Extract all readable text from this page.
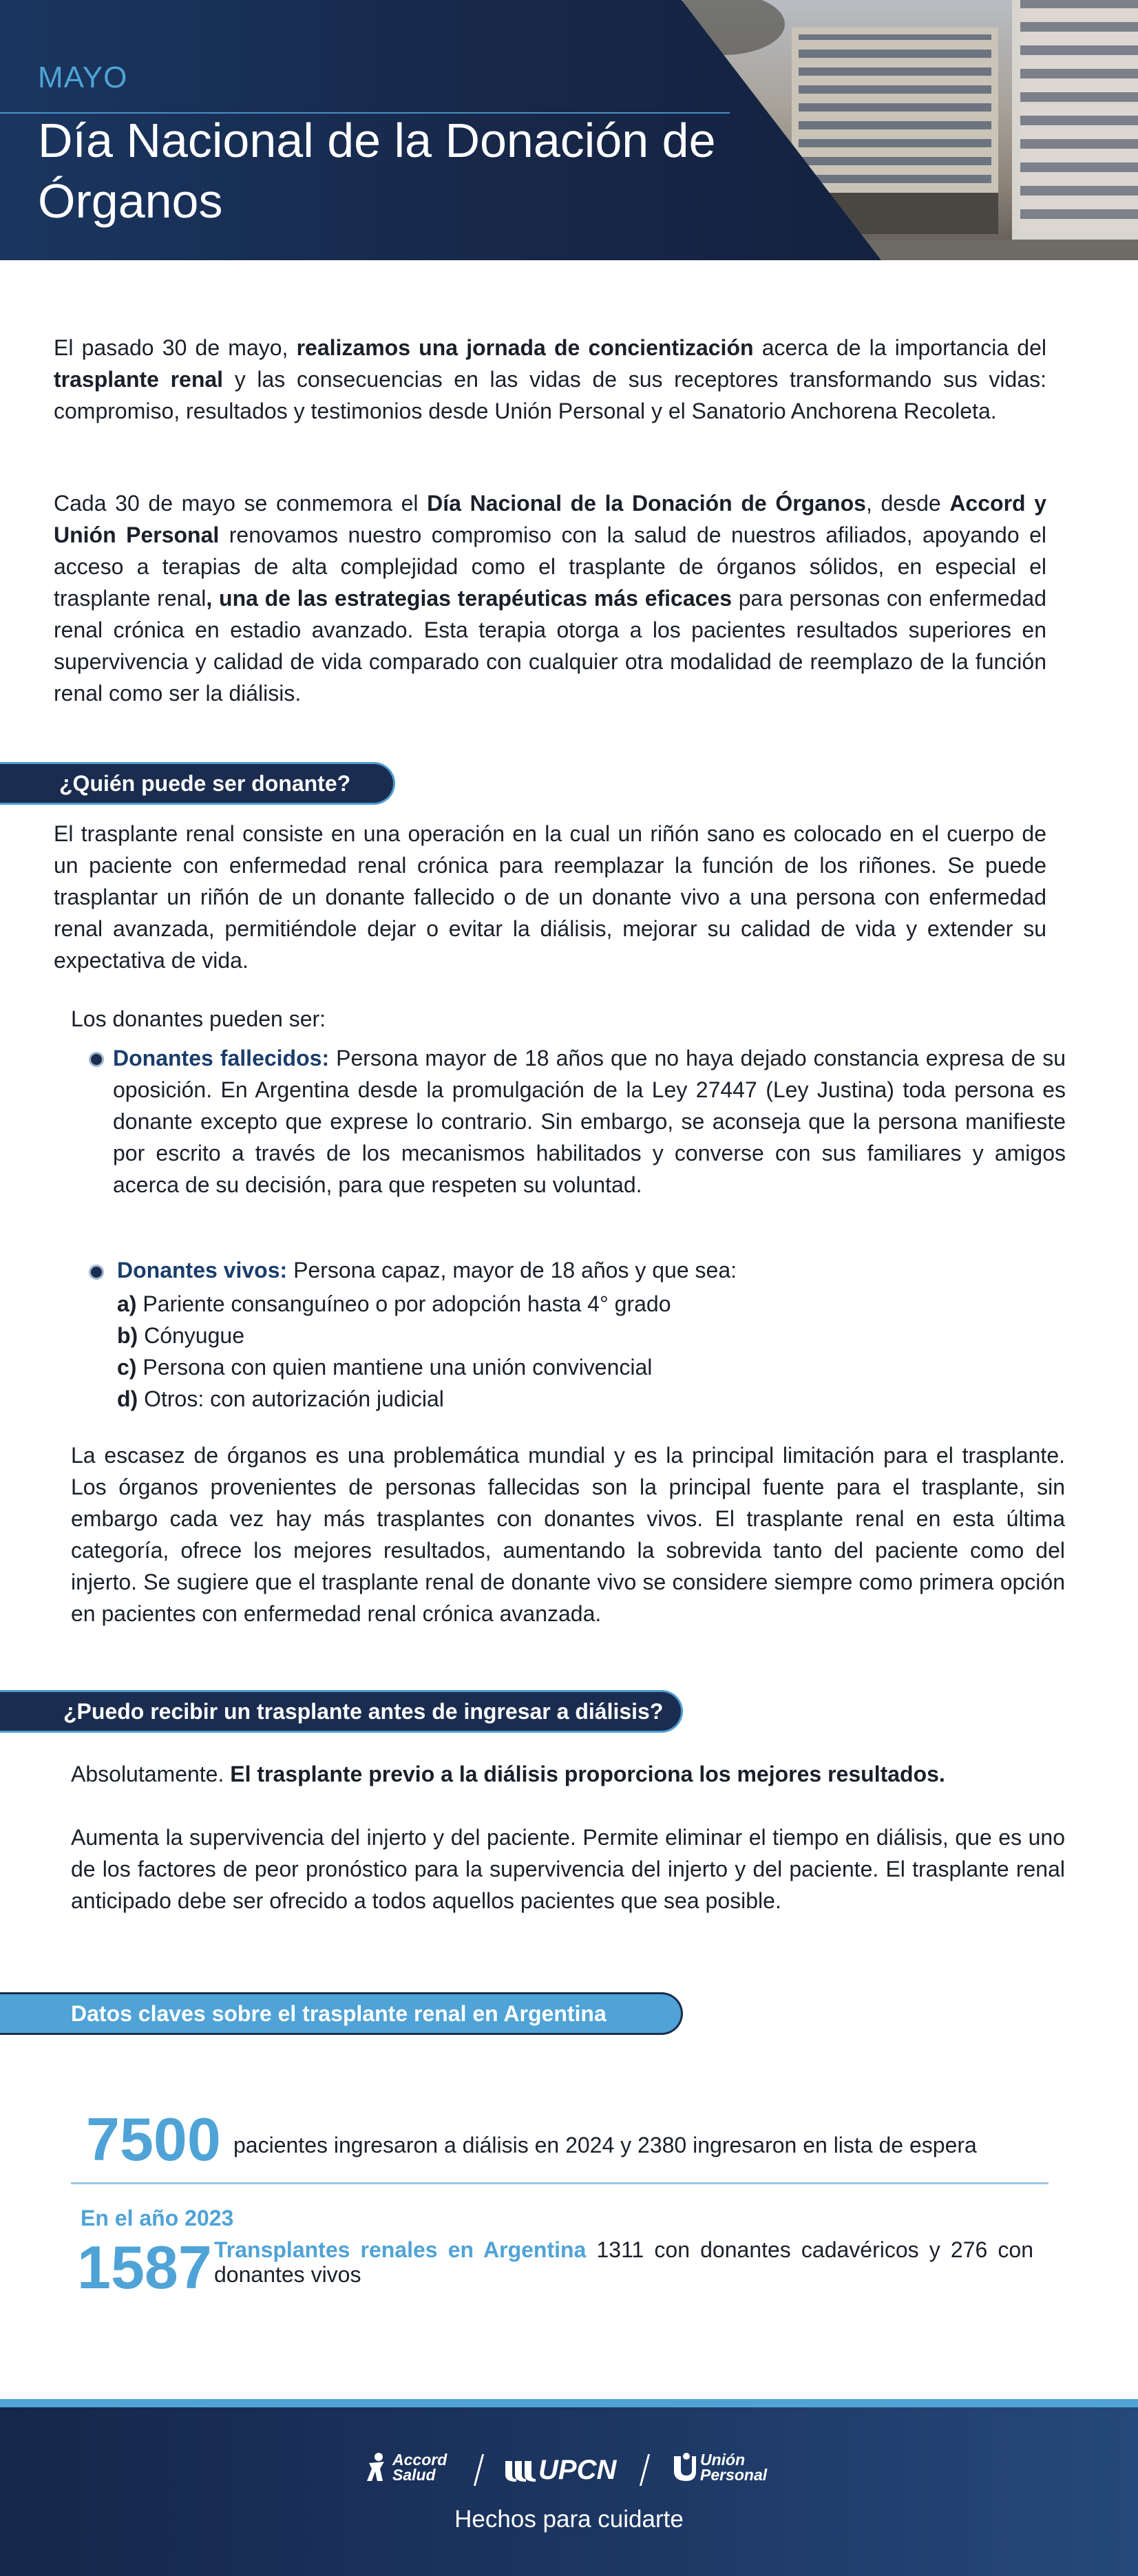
MAYO
Día Nacional de la Donación de Órganos
El pasado 30 de mayo, realizamos una jornada de concientización acerca de la importancia del trasplante renal y las consecuencias en las vidas de sus receptores transformando sus vidas: compromiso, resultados y testimonios desde Unión Personal y el Sanatorio Anchorena Recoleta.
Cada 30 de mayo se conmemora el Día Nacional de la Donación de Órganos, desde Accord y Unión Personal renovamos nuestro compromiso con la salud de nuestros afiliados, apoyando el acceso a terapias de alta complejidad como el trasplante de órganos sólidos, en especial el trasplante renal, una de las estrategias terapéuticas más eficaces para personas con enfermedad renal crónica en estadio avanzado. Esta terapia otorga a los pacientes resultados superiores en supervivencia y calidad de vida comparado con cualquier otra modalidad de reemplazo de la función renal como ser la diálisis.
¿Quién puede ser donante?
El trasplante renal consiste en una operación en la cual un riñón sano es colocado en el cuerpo de un paciente con enfermedad renal crónica para reemplazar la función de los riñones. Se puede trasplantar un riñón de un donante fallecido o de un donante vivo a una persona con enfermedad renal avanzada, permitiéndole dejar o evitar la diálisis, mejorar su calidad de vida y extender su expectativa de vida.
Los donantes pueden ser:
Donantes fallecidos: Persona mayor de 18 años que no haya dejado constancia expresa de su oposición. En Argentina desde la promulgación de la Ley 27447 (Ley Justina) toda persona es donante excepto que exprese lo contrario. Sin embargo, se aconseja que la persona manifieste por escrito a través de los mecanismos habilitados y converse con sus familiares y amigos acerca de su decisión, para que respeten su voluntad.
Donantes vivos: Persona capaz, mayor de 18 años y que sea:
a) Pariente consanguíneo o por adopción hasta 4° grado
b) Cónyugue
c) Persona con quien mantiene una unión convivencial
d) Otros: con autorización judicial
La escasez de órganos es una problemática mundial y es la principal limitación para el trasplante. Los órganos provenientes de personas fallecidas son la principal fuente para el trasplante, sin embargo cada vez hay más trasplantes con donantes vivos. El trasplante renal en esta última categoría, ofrece los mejores resultados, aumentando la sobrevida tanto del paciente como del injerto. Se sugiere que el trasplante renal de donante vivo se considere siempre como primera opción en pacientes con enfermedad renal crónica avanzada.
¿Puedo recibir un trasplante antes de ingresar a diálisis?
Absolutamente. El trasplante previo a la diálisis proporciona los mejores resultados.
Aumenta la supervivencia del injerto y del paciente. Permite eliminar el tiempo en diálisis, que es uno de los factores de peor pronóstico para la supervivencia del injerto y del paciente. El trasplante renal anticipado debe ser ofrecido a todos aquellos pacientes que sea posible.
Datos claves sobre el trasplante renal en Argentina
7500 pacientes ingresaron a diálisis en 2024 y 2380 ingresaron en lista de espera
En el año 2023
1587 Transplantes renales en Argentina 1311 con donantes cadavéricos y 276 con donantes vivos
Accord
Salud	UPCN	Unión
Personal
Hechos para cuidarte
